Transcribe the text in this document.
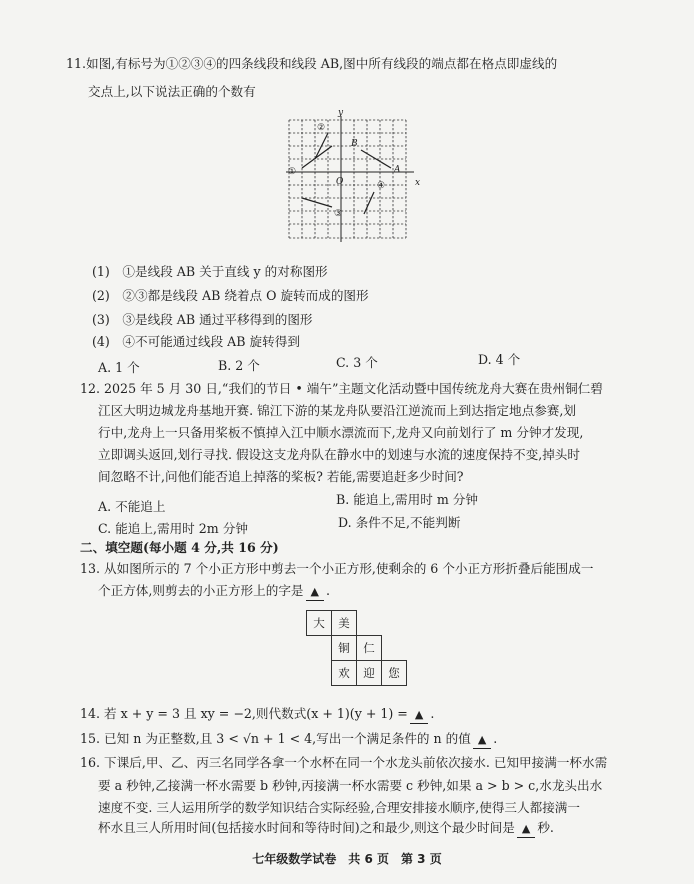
11.如图,有标号为①②③④的四条线段和线段 AB,图中所有线段的端点都在格点即虚线的
交点上,以下说法正确的个数有
y
x
O
B
A
①
②
③
④
(1)　①是线段 AB 关于直线 y 的对称图形
(2)　②③都是线段 AB 绕着点 O 旋转而成的图形
(3)　③是线段 AB 通过平移得到的图形
(4)　④不可能通过线段 AB 旋转得到
A. 1 个	B. 2 个	C. 3 个	D. 4 个
12. 2025 年 5 月 30 日,“我们的节日 • 端午”主题文化活动暨中国传统龙舟大赛在贵州铜仁碧
江区大明边城龙舟基地开赛. 锦江下游的某龙舟队要沿江逆流而上到达指定地点参赛,划
行中,龙舟上一只备用桨板不慎掉入江中顺水漂流而下,龙舟又向前划行了 m 分钟才发现,
立即调头返回,划行寻找. 假设这支龙舟队在静水中的划速与水流的速度保持不变,掉头时
间忽略不计,问他们能否追上掉落的桨板? 若能,需要追赶多少时间?
A. 不能追上	B. 能追上,需用时 m 分钟
C. 能追上,需用时 2m 分钟	D. 条件不足,不能判断
二、填空题(每小题 4 分,共 16 分)
13. 从如图所示的 7 个小正方形中剪去一个小正方形,使剩余的 6 个小正方形折叠后能围成一
个正方体,则剪去的小正方形上的字是 ▲ .
大	美
铜	仁
欢	迎	您
14. 若 x + y = 3 且 xy = −2,则代数式(x + 1)(y + 1) = ▲ .
15. 已知 n 为正整数,且 3 < √n + 1 < 4,写出一个满足条件的 n 的值 ▲ .
16. 下课后,甲、乙、丙三名同学各拿一个水杯在同一个水龙头前依次接水. 已知甲接满一杯水需
要 a 秒钟,乙接满一杯水需要 b 秒钟,丙接满一杯水需要 c 秒钟,如果 a > b > c,水龙头出水
速度不变. 三人运用所学的数学知识结合实际经验,合理安排接水顺序,使得三人都接满一
杯水且三人所用时间(包括接水时间和等待时间)之和最少,则这个最少时间是 ▲ 秒.
七年级数学试卷　共 6 页　第 3 页
